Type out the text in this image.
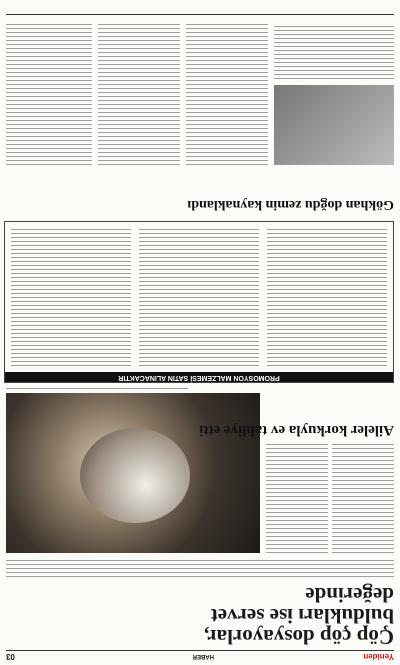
Yeniden
HABER
03
Çöp çöp dosyayorlar, buldukları ise servet değerinde
Aileler korkuyla ev tahliye etti
PROMOSYON MALZEMESİ SATIN ALINACAKTIR
Gökhan doğdu zemin kaynaklandı
